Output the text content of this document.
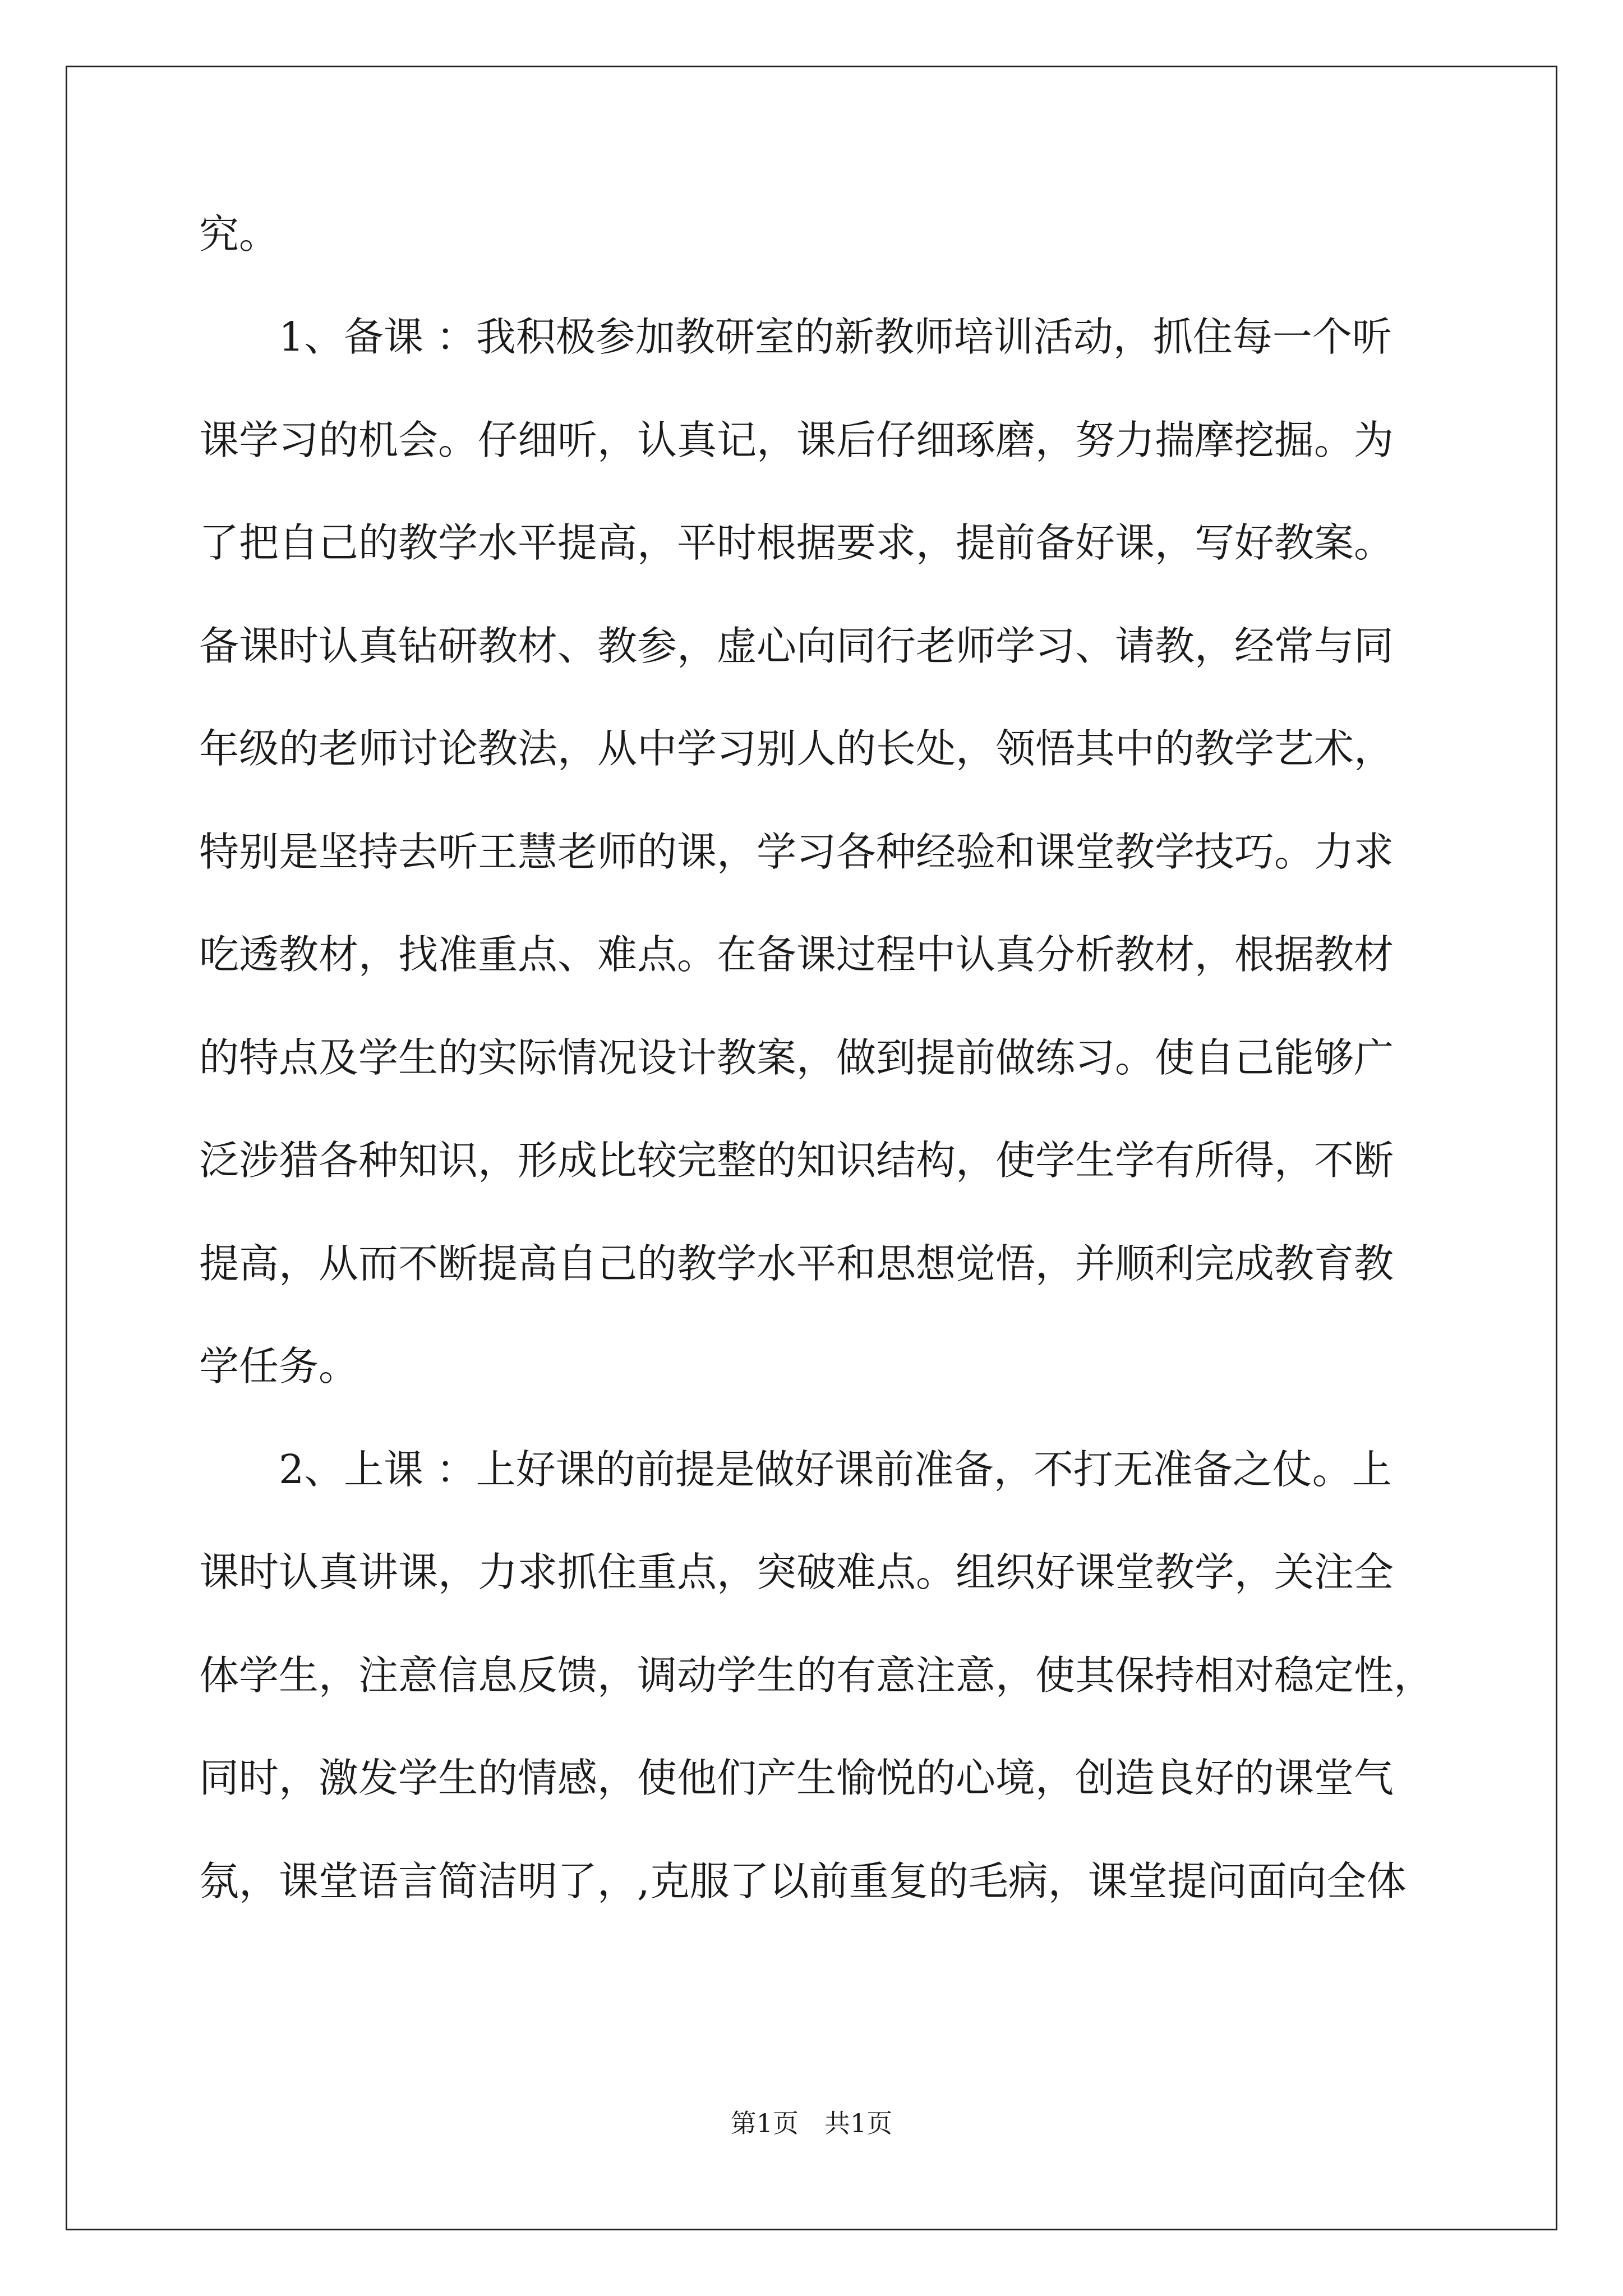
究。
　　1、备课 ：我积极参加教研室的新教师培训活动，抓住每一个听
课学习的机会。仔细听，认真记，课后仔细琢磨，努力揣摩挖掘。为
了把自己的教学水平提高，平时根据要求，提前备好课，写好教案。
备课时认真钻研教材、教参，虚心向同行老师学习、请教，经常与同
年级的老师讨论教法，从中学习别人的长处，领悟其中的教学艺术，
特别是坚持去听王慧老师的课，学习各种经验和课堂教学技巧。力求
吃透教材，找准重点、难点。在备课过程中认真分析教材，根据教材
的特点及学生的实际情况设计教案，做到提前做练习。使自己能够广
泛涉猎各种知识，形成比较完整的知识结构，使学生学有所得，不断
提高，从而不断提高自己的教学水平和思想觉悟，并顺利完成教育教
学任务。
　　2、上课 ：上好课的前提是做好课前准备，不打无准备之仗。上
课时认真讲课，力求抓住重点，突破难点。组织好课堂教学，关注全
体学生，注意信息反馈，调动学生的有意注意，使其保持相对稳定性，
同时，激发学生的情感，使他们产生愉悦的心境，创造良好的课堂气
氛，课堂语言简洁明了，,克服了以前重复的毛病，课堂提问面向全体
第1页　共1页
